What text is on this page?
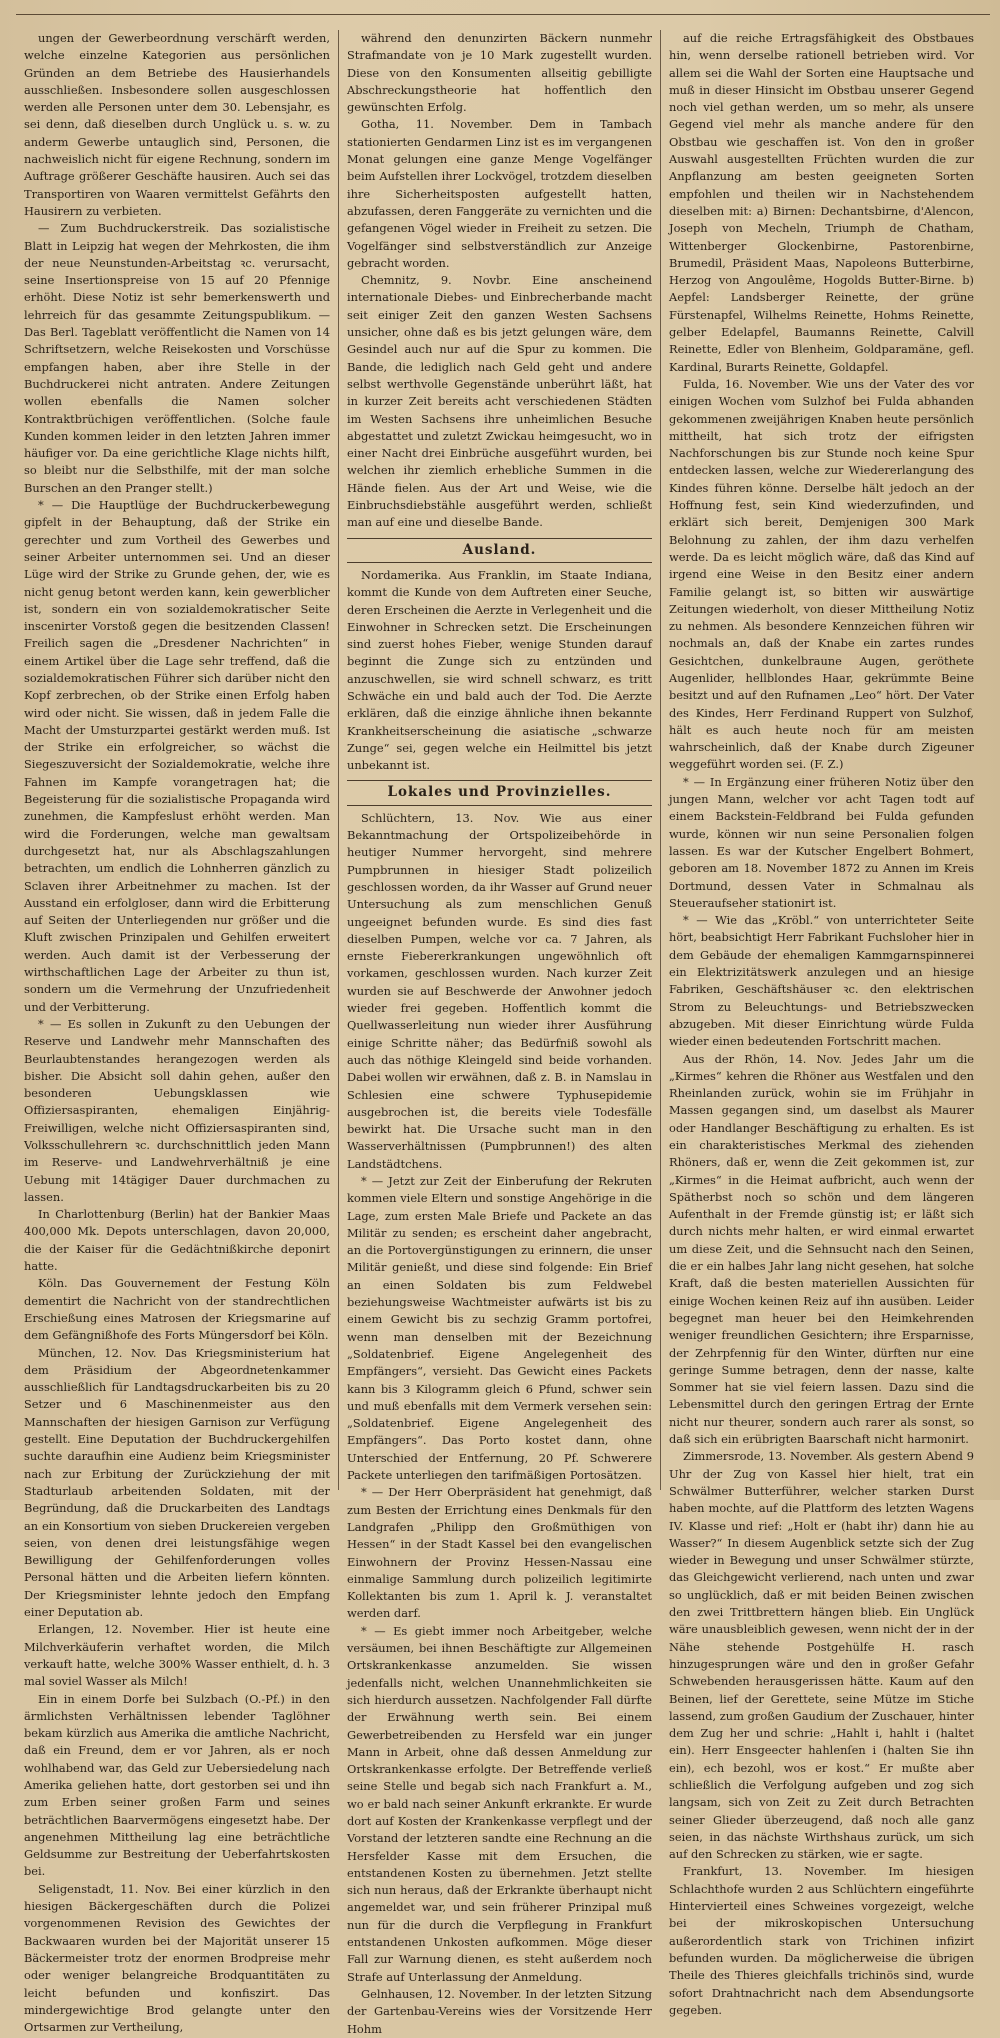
ungen der Gewerbeordnung verschärft werden, welche einzelne Kategorien aus persönlichen Gründen an dem Betriebe des Hausierhandels ausschließen. Insbesondere sollen ausgeschlossen werden alle Personen unter dem 30. Lebensjahr, es sei denn, daß dieselben durch Unglück u. s. w. zu anderm Gewerbe untauglich sind, Personen, die nachweislich nicht für eigene Rechnung, sondern im Auftrage größerer Geschäfte hausiren. Auch sei das Transportiren von Waaren vermittelst Gefährts den Hausirern zu verbieten.

— Zum Buchdruckerstreik. Das sozialistische Blatt in Leipzig hat wegen der Mehrkosten, die ihm der neue Neunstunden-Arbeitstag ꝛc. verursacht, seine Insertionspreise von 15 auf 20 Pfennige erhöht. Diese Notiz ist sehr bemerkenswerth und lehrreich für das gesammte Zeitungspublikum. — Das Berl. Tageblatt veröffentlicht die Namen von 14 Schriftsetzern, welche Reisekosten und Vorschüsse empfangen haben, aber ihre Stelle in der Buchdruckerei nicht antraten. Andere Zeitungen wollen ebenfalls die Namen solcher Kontraktbrüchigen veröffentlichen. (Solche faule Kunden kommen leider in den letzten Jahren immer häufiger vor. Da eine gerichtliche Klage nichts hilft, so bleibt nur die Selbsthilfe, mit der man solche Burschen an den Pranger stellt.)

* — Die Hauptlüge der Buchdruckerbewegung gipfelt in der Behauptung, daß der Strike ein gerechter und zum Vortheil des Gewerbes und seiner Arbeiter unternommen sei. Und an dieser Lüge wird der Strike zu Grunde gehen, der, wie es nicht genug betont werden kann, kein gewerblicher ist, sondern ein von sozialdemokratischer Seite inscenirter Vorstoß gegen die besitzenden Classen! Freilich sagen die „Dresdener Nachrichten“ in einem Artikel über die Lage sehr treffend, daß die sozialdemokratischen Führer sich darüber nicht den Kopf zerbrechen, ob der Strike einen Erfolg haben wird oder nicht. Sie wissen, daß in jedem Falle die Macht der Umsturzpartei gestärkt werden muß. Ist der Strike ein erfolgreicher, so wächst die Siegeszuversicht der Sozialdemokratie, welche ihre Fahnen im Kampfe vorangetragen hat; die Begeisterung für die sozialistische Propaganda wird zunehmen, die Kampfeslust erhöht werden. Man wird die Forderungen, welche man gewaltsam durchgesetzt hat, nur als Abschlagszahlungen betrachten, um endlich die Lohnherren gänzlich zu Sclaven ihrer Arbeitnehmer zu machen. Ist der Ausstand ein erfolgloser, dann wird die Erbitterung auf Seiten der Unterliegenden nur größer und die Kluft zwischen Prinzipalen und Gehilfen erweitert werden. Auch damit ist der Verbesserung der wirthschaftlichen Lage der Arbeiter zu thun ist, sondern um die Vermehrung der Unzufriedenheit und der Verbitterung.

* — Es sollen in Zukunft zu den Uebungen der Reserve und Landwehr mehr Mannschaften des Beurlaubtenstandes herangezogen werden als bisher. Die Absicht soll dahin gehen, außer den besonderen Uebungsklassen wie Offiziersaspiranten, ehemaligen Einjährig-Freiwilligen, welche nicht Offiziersaspiranten sind, Volksschullehrern ꝛc. durchschnittlich jeden Mann im Reserve- und Landwehrverhältniß je eine Uebung mit 14tägiger Dauer durchmachen zu lassen.

In Charlottenburg (Berlin) hat der Bankier Maas 400,000 Mk. Depots unterschlagen, davon 20,000, die der Kaiser für die Gedächtnißkirche deponirt hatte.

Köln. Das Gouvernement der Festung Köln dementirt die Nachricht von der standrechtlichen Erschießung eines Matrosen der Kriegsmarine auf dem Gefängnißhofe des Forts Müngersdorf bei Köln.

München, 12. Nov. Das Kriegsministerium hat dem Präsidium der Abgeordnetenkammer ausschließlich für Landtagsdruckarbeiten bis zu 20 Setzer und 6 Maschinenmeister aus den Mannschaften der hiesigen Garnison zur Verfügung gestellt. Eine Deputation der Buchdruckergehilfen suchte daraufhin eine Audienz beim Kriegsminister nach zur Erbitung der Zurückziehung der mit Stadturlaub arbeitenden Soldaten, mit der Begründung, daß die Druckarbeiten des Landtags an ein Konsortium von sieben Druckereien vergeben seien, von denen drei leistungsfähige wegen Bewilligung der Gehilfenforderungen volles Personal hätten und die Arbeiten liefern könnten. Der Kriegsminister lehnte jedoch den Empfang einer Deputation ab.

Erlangen, 12. November. Hier ist heute eine Milchverkäuferin verhaftet worden, die Milch verkauft hatte, welche 300% Wasser enthielt, d. h. 3 mal soviel Wasser als Milch!

Ein in einem Dorfe bei Sulzbach (O.-Pf.) in den ärmlichsten Verhältnissen lebender Taglöhner bekam kürzlich aus Amerika die amtliche Nachricht, daß ein Freund, dem er vor Jahren, als er noch wohlhabend war, das Geld zur Uebersiedelung nach Amerika geliehen hatte, dort gestorben sei und ihn zum Erben seiner großen Farm und seines beträchtlichen Baarvermögens eingesetzt habe. Der angenehmen Mittheilung lag eine beträchtliche Geldsumme zur Bestreitung der Ueberfahrtskosten bei.

Seligenstadt, 11. Nov. Bei einer kürzlich in den hiesigen Bäckergeschäften durch die Polizei vorgenommenen Revision des Gewichtes der Backwaaren wurden bei der Majorität unserer 15 Bäckermeister trotz der enormen Brodpreise mehr oder weniger belangreiche Brodquantitäten zu leicht befunden und konfiszirt. Das mindergewichtige Brod gelangte unter den Ortsarmen zur Vertheilung,

während den denunzirten Bäckern nunmehr Strafmandate von je 10 Mark zugestellt wurden. Diese von den Konsumenten allseitig gebilligte Abschreckungstheorie hat hoffentlich den gewünschten Erfolg.

Gotha, 11. November. Dem in Tambach stationierten Gendarmen Linz ist es im vergangenen Monat gelungen eine ganze Menge Vogelfänger beim Aufstellen ihrer Lockvögel, trotzdem dieselben ihre Sicherheitsposten aufgestellt hatten, abzufassen, deren Fanggeräte zu vernichten und die gefangenen Vögel wieder in Freiheit zu setzen. Die Vogelfänger sind selbstverständlich zur Anzeige gebracht worden.

Chemnitz, 9. Novbr. Eine anscheinend internationale Diebes- und Einbrecherbande macht seit einiger Zeit den ganzen Westen Sachsens unsicher, ohne daß es bis jetzt gelungen wäre, dem Gesindel auch nur auf die Spur zu kommen. Die Bande, die lediglich nach Geld geht und andere selbst werthvolle Gegenstände unberührt läßt, hat in kurzer Zeit bereits acht verschiedenen Städten im Westen Sachsens ihre unheimlichen Besuche abgestattet und zuletzt Zwickau heimgesucht, wo in einer Nacht drei Einbrüche ausgeführt wurden, bei welchen ihr ziemlich erhebliche Summen in die Hände fielen. Aus der Art und Weise, wie die Einbruchsdiebstähle ausgeführt werden, schließt man auf eine und dieselbe Bande.

Ausland.

Nordamerika. Aus Franklin, im Staate Indiana, kommt die Kunde von dem Auftreten einer Seuche, deren Erscheinen die Aerzte in Verlegenheit und die Einwohner in Schrecken setzt. Die Erscheinungen sind zuerst hohes Fieber, wenige Stunden darauf beginnt die Zunge sich zu entzünden und anzuschwellen, sie wird schnell schwarz, es tritt Schwäche ein und bald auch der Tod. Die Aerzte erklären, daß die einzige ähnliche ihnen bekannte Krankheitserscheinung die asiatische „schwarze Zunge“ sei, gegen welche ein Heilmittel bis jetzt unbekannt ist.

Lokales und Provinzielles.

Schlüchtern, 13. Nov. Wie aus einer Bekanntmachung der Ortspolizeibehörde in heutiger Nummer hervorgeht, sind mehrere Pumpbrunnen in hiesiger Stadt polizeilich geschlossen worden, da ihr Wasser auf Grund neuer Untersuchung als zum menschlichen Genuß ungeeignet befunden wurde. Es sind dies fast dieselben Pumpen, welche vor ca. 7 Jahren, als ernste Fiebererkrankungen ungewöhnlich oft vorkamen, geschlossen wurden. Nach kurzer Zeit wurden sie auf Beschwerde der Anwohner jedoch wieder frei gegeben. Hoffentlich kommt die Quellwasserleitung nun wieder ihrer Ausführung einige Schritte näher; das Bedürfniß sowohl als auch das nöthige Kleingeld sind beide vorhanden. Dabei wollen wir erwähnen, daß z. B. in Namslau in Schlesien eine schwere Typhusepidemie ausgebrochen ist, die bereits viele Todesfälle bewirkt hat. Die Ursache sucht man in den Wasserverhältnissen (Pumpbrunnen!) des alten Landstädtchens.

* — Jetzt zur Zeit der Einberufung der Rekruten kommen viele Eltern und sonstige Angehörige in die Lage, zum ersten Male Briefe und Packete an das Militär zu senden; es erscheint daher angebracht, an die Portovergünstigungen zu erinnern, die unser Militär genießt, und diese sind folgende: Ein Brief an einen Soldaten bis zum Feldwebel beziehungsweise Wachtmeister aufwärts ist bis zu einem Gewicht bis zu sechzig Gramm portofrei, wenn man denselben mit der Bezeichnung „Soldatenbrief. Eigene Angelegenheit des Empfängers“, versieht. Das Gewicht eines Packets kann bis 3 Kilogramm gleich 6 Pfund, schwer sein und muß ebenfalls mit dem Vermerk versehen sein: „Soldatenbrief. Eigene Angelegenheit des Empfängers“. Das Porto kostet dann, ohne Unterschied der Entfernung, 20 Pf. Schwerere Packete unterliegen den tarifmäßigen Portosätzen.

* — Der Herr Oberpräsident hat genehmigt, daß zum Besten der Errichtung eines Denkmals für den Landgrafen „Philipp den Großmüthigen von Hessen“ in der Stadt Kassel bei den evangelischen Einwohnern der Provinz Hessen-Nassau eine einmalige Sammlung durch polizeilich legitimirte Kollektanten bis zum 1. April k. J. veranstaltet werden darf.

* — Es giebt immer noch Arbeitgeber, welche versäumen, bei ihnen Beschäftigte zur Allgemeinen Ortskrankenkasse anzumelden. Sie wissen jedenfalls nicht, welchen Unannehmlichkeiten sie sich hierdurch aussetzen. Nachfolgender Fall dürfte der Erwähnung werth sein. Bei einem Gewerbetreibenden zu Hersfeld war ein junger Mann in Arbeit, ohne daß dessen Anmeldung zur Ortskrankenkasse erfolgte. Der Betreffende verließ seine Stelle und begab sich nach Frankfurt a. M., wo er bald nach seiner Ankunft erkrankte. Er wurde dort auf Kosten der Krankenkasse verpflegt und der Vorstand der letzteren sandte eine Rechnung an die Hersfelder Kasse mit dem Ersuchen, die entstandenen Kosten zu übernehmen. Jetzt stellte sich nun heraus, daß der Erkrankte überhaupt nicht angemeldet war, und sein früherer Prinzipal muß nun für die durch die Verpflegung in Frankfurt entstandenen Unkosten aufkommen. Möge dieser Fall zur Warnung dienen, es steht außerdem noch Strafe auf Unterlassung der Anmeldung.

Gelnhausen, 12. November. In der letzten Sitzung der Gartenbau-Vereins wies der Vorsitzende Herr Hohm

auf die reiche Ertragsfähigkeit des Obstbaues hin, wenn derselbe rationell betrieben wird. Vor allem sei die Wahl der Sorten eine Hauptsache und muß in dieser Hinsicht im Obstbau unserer Gegend noch viel gethan werden, um so mehr, als unsere Gegend viel mehr als manche andere für den Obstbau wie geschaffen ist. Von den in großer Auswahl ausgestellten Früchten wurden die zur Anpflanzung am besten geeigneten Sorten empfohlen und theilen wir in Nachstehendem dieselben mit: a) Birnen: Dechantsbirne, d'Alencon, Joseph von Mecheln, Triumph de Chatham, Wittenberger Glockenbirne, Pastorenbirne, Brumedil, Präsident Maas, Napoleons Butterbirne, Herzog von Angoulême, Hogolds Butter-Birne. b) Aepfel: Landsberger Reinette, der grüne Fürstenapfel, Wilhelms Reinette, Hohms Reinette, gelber Edelapfel, Baumanns Reinette, Calvill Reinette, Edler von Blenheim, Goldparamäne, gefl. Kardinal, Burarts Reinette, Goldapfel.

Fulda, 16. November. Wie uns der Vater des vor einigen Wochen vom Sulzhof bei Fulda abhanden gekommenen zweijährigen Knaben heute persönlich mittheilt, hat sich trotz der eifrigsten Nachforschungen bis zur Stunde noch keine Spur entdecken lassen, welche zur Wiedererlangung des Kindes führen könne. Derselbe hält jedoch an der Hoffnung fest, sein Kind wiederzufinden, und erklärt sich bereit, Demjenigen 300 Mark Belohnung zu zahlen, der ihm dazu verhelfen werde. Da es leicht möglich wäre, daß das Kind auf irgend eine Weise in den Besitz einer andern Familie gelangt ist, so bitten wir auswärtige Zeitungen wiederholt, von dieser Mittheilung Notiz zu nehmen. Als besondere Kennzeichen führen wir nochmals an, daß der Knabe ein zartes rundes Gesichtchen, dunkelbraune Augen, geröthete Augenlider, hellblondes Haar, gekrümmte Beine besitzt und auf den Rufnamen „Leo“ hört. Der Vater des Kindes, Herr Ferdinand Ruppert von Sulzhof, hält es auch heute noch für am meisten wahrscheinlich, daß der Knabe durch Zigeuner weggeführt worden sei. (F. Z.)

* — In Ergänzung einer früheren Notiz über den jungen Mann, welcher vor acht Tagen todt auf einem Backstein-Feldbrand bei Fulda gefunden wurde, können wir nun seine Personalien folgen lassen. Es war der Kutscher Engelbert Bohmert, geboren am 18. November 1872 zu Annen im Kreis Dortmund, dessen Vater in Schmalnau als Steueraufseher stationirt ist.

* — Wie das „Kröbl.“ von unterrichteter Seite hört, beabsichtigt Herr Fabrikant Fuchsloher hier in dem Gebäude der ehemaligen Kammgarnspinnerei ein Elektrizitätswerk anzulegen und an hiesige Fabriken, Geschäftshäuser ꝛc. den elektrischen Strom zu Beleuchtungs- und Betriebszwecken abzugeben. Mit dieser Einrichtung würde Fulda wieder einen bedeutenden Fortschritt machen.

Aus der Rhön, 14. Nov. Jedes Jahr um die „Kirmes“ kehren die Rhöner aus Westfalen und den Rheinlanden zurück, wohin sie im Frühjahr in Massen gegangen sind, um daselbst als Maurer oder Handlanger Beschäftigung zu erhalten. Es ist ein charakteristisches Merkmal des ziehenden Rhöners, daß er, wenn die Zeit gekommen ist, zur „Kirmes“ in die Heimat aufbricht, auch wenn der Spätherbst noch so schön und dem längeren Aufenthalt in der Fremde günstig ist; er läßt sich durch nichts mehr halten, er wird einmal erwartet um diese Zeit, und die Sehnsucht nach den Seinen, die er ein halbes Jahr lang nicht gesehen, hat solche Kraft, daß die besten materiellen Aussichten für einige Wochen keinen Reiz auf ihn ausüben. Leider begegnet man heuer bei den Heimkehrenden weniger freundlichen Gesichtern; ihre Ersparnisse, der Zehrpfennig für den Winter, dürften nur eine geringe Summe betragen, denn der nasse, kalte Sommer hat sie viel feiern lassen. Dazu sind die Lebensmittel durch den geringen Ertrag der Ernte nicht nur theurer, sondern auch rarer als sonst, so daß sich ein erübrigten Baarschaft nicht harmonirt.

Zimmersrode, 13. November. Als gestern Abend 9 Uhr der Zug von Kassel hier hielt, trat ein Schwälmer Butterführer, welcher starken Durst haben mochte, auf die Plattform des letzten Wagens IV. Klasse und rief: „Holt er (habt ihr) dann hie au Wasser?“ In diesem Augenblick setzte sich der Zug wieder in Bewegung und unser Schwälmer stürzte, das Gleichgewicht verlierend, nach unten und zwar so unglücklich, daß er mit beiden Beinen zwischen den zwei Trittbrettern hängen blieb. Ein Unglück wäre unausbleiblich gewesen, wenn nicht der in der Nähe stehende Postgehülfe H. rasch hinzugesprungen wäre und den in großer Gefahr Schwebenden herausgerissen hätte. Kaum auf den Beinen, lief der Gerettete, seine Mütze im Stiche lassend, zum großen Gaudium der Zuschauer, hinter dem Zug her und schrie: „Hahlt i, hahlt i (haltet ein). Herr Ensgeecter hahlenſen i (halten Sie ihn ein), ech bezohl, wos er kost.“ Er mußte aber schließlich die Verfolgung aufgeben und zog sich langsam, sich von Zeit zu Zeit durch Betrachten seiner Glieder überzeugend, daß noch alle ganz seien, in das nächste Wirthshaus zurück, um sich auf den Schrecken zu stärken, wie er sagte.

Frankfurt, 13. November. Im hiesigen Schlachthofe wurden 2 aus Schlüchtern eingeführte Hintervierteil eines Schweines vorgezeigt, welche bei der mikroskopischen Untersuchung außerordentlich stark von Trichinen infizirt befunden wurden. Da möglicherweise die übrigen Theile des Thieres gleichfalls trichinös sind, wurde sofort Drahtnachricht nach dem Absendungsorte gegeben.
